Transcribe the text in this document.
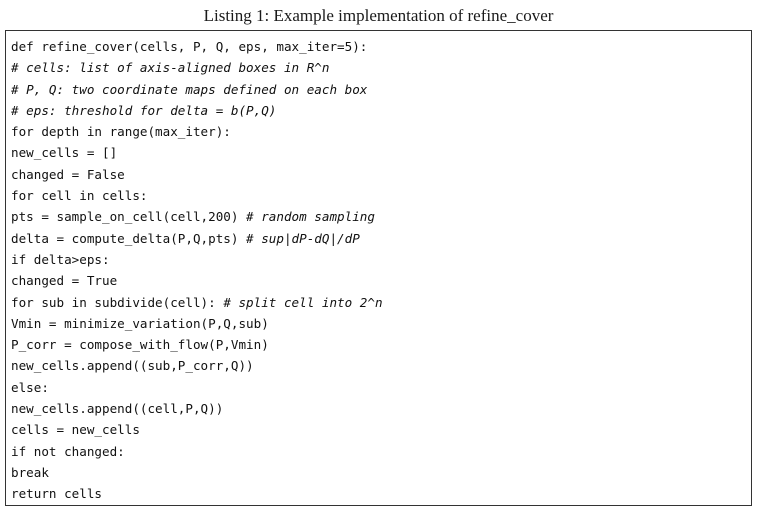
Listing 1: Example implementation of refine_cover
def refine_cover(cells, P, Q, eps, max_iter=5):
# cells: list of axis-aligned boxes in R^n
# P, Q: two coordinate maps defined on each box
# eps: threshold for delta = b(P,Q)
for depth in range(max_iter):
new_cells = []
changed = False
for cell in cells:
pts = sample_on_cell(cell,200) # random sampling
delta = compute_delta(P,Q,pts) # sup|dP-dQ|/dP
if delta>eps:
changed = True
for sub in subdivide(cell): # split cell into 2^n
Vmin = minimize_variation(P,Q,sub)
P_corr = compose_with_flow(P,Vmin)
new_cells.append((sub,P_corr,Q))
else:
new_cells.append((cell,P,Q))
cells = new_cells
if not changed:
break
return cells
